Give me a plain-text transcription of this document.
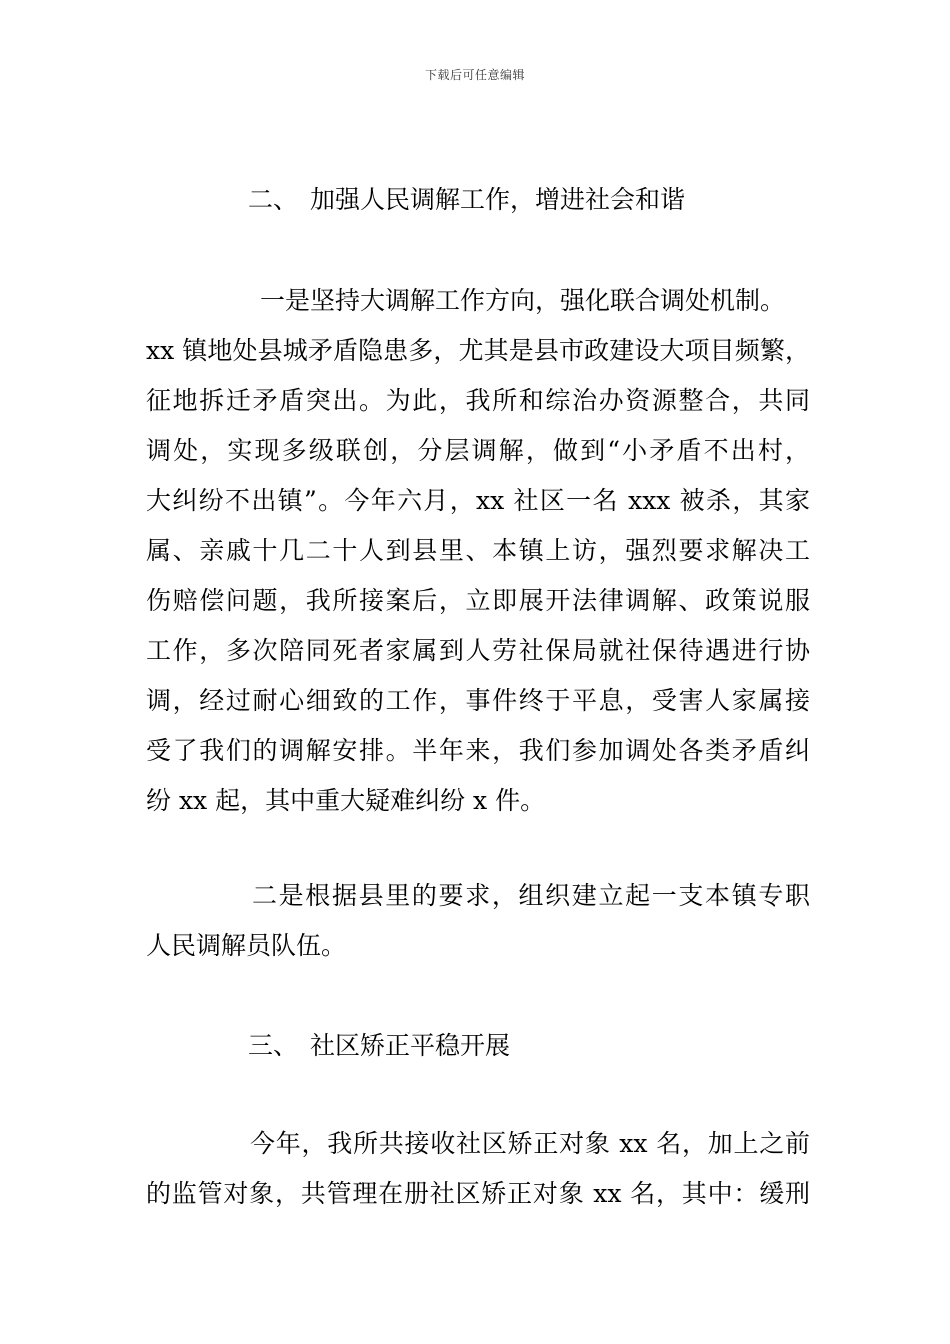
下载后可任意编辑
二、 加强人民调解工作，增进社会和谐
一是坚持大调解工作方向，强化联合调处机制。
xx 镇地处县城矛盾隐患多，尤其是县市政建设大项目频繁，
征地拆迁矛盾突出。为此，我所和综治办资源整合，共同
调处，实现多级联创，分层调解，做到“小矛盾不出村，
大纠纷不出镇”。今年六月，xx 社区一名 xxx 被杀，其家
属、亲戚十几二十人到县里、本镇上访，强烈要求解决工
伤赔偿问题，我所接案后，立即展开法律调解、政策说服
工作，多次陪同死者家属到人劳社保局就社保待遇进行协
调，经过耐心细致的工作，事件终于平息，受害人家属接
受了我们的调解安排。半年来，我们参加调处各类矛盾纠
纷 xx 起，其中重大疑难纠纷 x 件。
二是根据县里的要求，组织建立起一支本镇专职
人民调解员队伍。
三、 社区矫正平稳开展
今年，我所共接收社区矫正对象 xx 名，加上之前
的监管对象，共管理在册社区矫正对象 xx 名，其中：缓刑
